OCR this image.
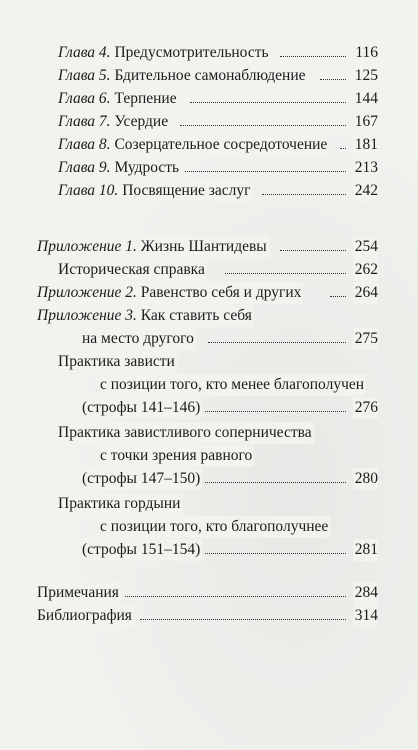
Глава 4. Предусмотрительность	116
Глава 5. Бдительное самонаблюдение	125
Глава 6. Терпение	144
Глава 7. Усердие	167
Глава 8. Созерцательное сосредоточение 181
Глава 9. Мудрость	213
Глава 10. Посвящение заслуг	242
Приложение 1. Жизнь Шантидевы	254
Историческая справка	262
Приложение 2. Равенство себя и других	264
Приложение 3. Как ставить себя
на место другого	275
Практика зависти
с позиции того, кто менее благополучен
(строфы 141–146)	276
Практика завистливого соперничества
с точки зрения равного
(строфы 147–150)	280
Практика гордыни
с позиции того, кто благополучнее
(строфы 151–154)	281
Примечания	284
Библиография	314
